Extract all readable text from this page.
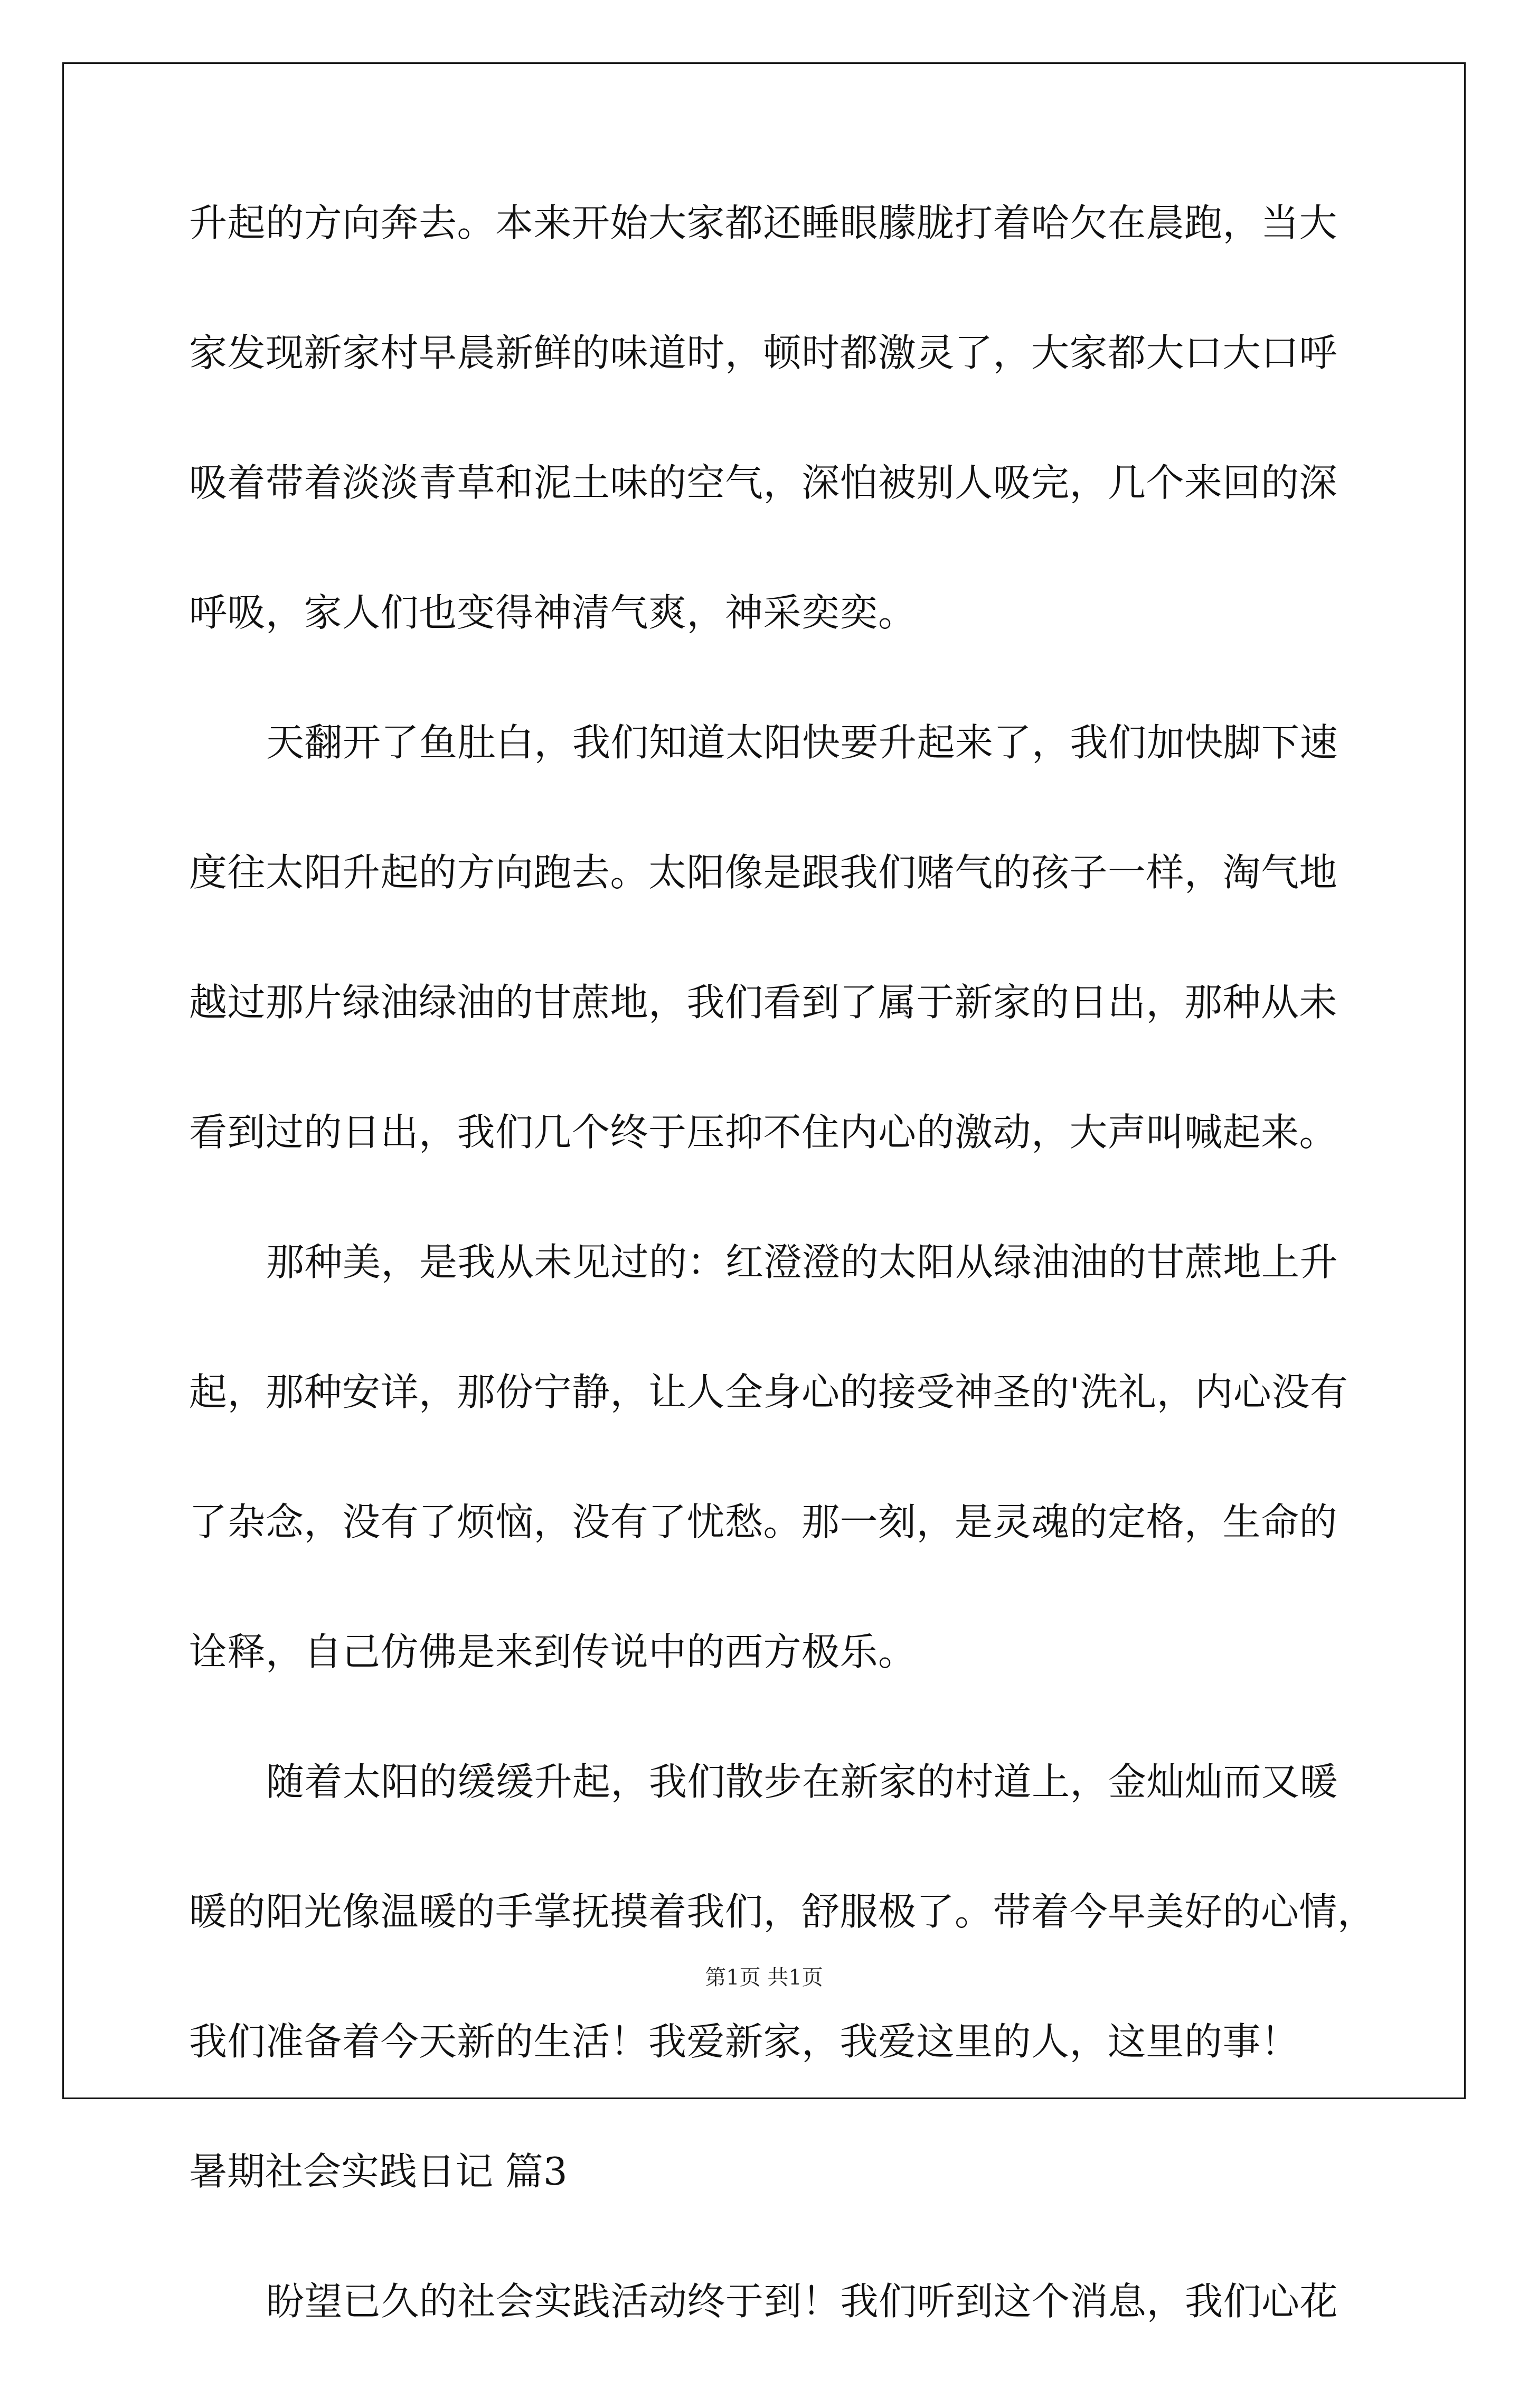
升起的方向奔去。本来开始大家都还睡眼朦胧打着哈欠在晨跑，当大
家发现新家村早晨新鲜的味道时，顿时都激灵了，大家都大口大口呼
吸着带着淡淡青草和泥土味的空气，深怕被别人吸完，几个来回的深
呼吸，家人们也变得神清气爽，神采奕奕。
天翻开了鱼肚白，我们知道太阳快要升起来了，我们加快脚下速
度往太阳升起的方向跑去。太阳像是跟我们赌气的孩子一样，淘气地
越过那片绿油绿油的甘蔗地，我们看到了属于新家的日出，那种从未
看到过的日出，我们几个终于压抑不住内心的激动，大声叫喊起来。
那种美，是我从未见过的：红澄澄的太阳从绿油油的甘蔗地上升
起，那种安详，那份宁静，让人全身心的接受神圣的'洗礼，内心没有
了杂念，没有了烦恼，没有了忧愁。那一刻，是灵魂的定格，生命的
诠释，自己仿佛是来到传说中的西方极乐。
随着太阳的缓缓升起，我们散步在新家的村道上，金灿灿而又暖
暖的阳光像温暖的手掌抚摸着我们，舒服极了。带着今早美好的心情，
我们准备着今天新的生活！我爱新家，我爱这里的人，这里的事！
暑期社会实践日记 篇3
盼望已久的社会实践活动终于到！我们听到这个消息，我们心花
第1页 共1页
